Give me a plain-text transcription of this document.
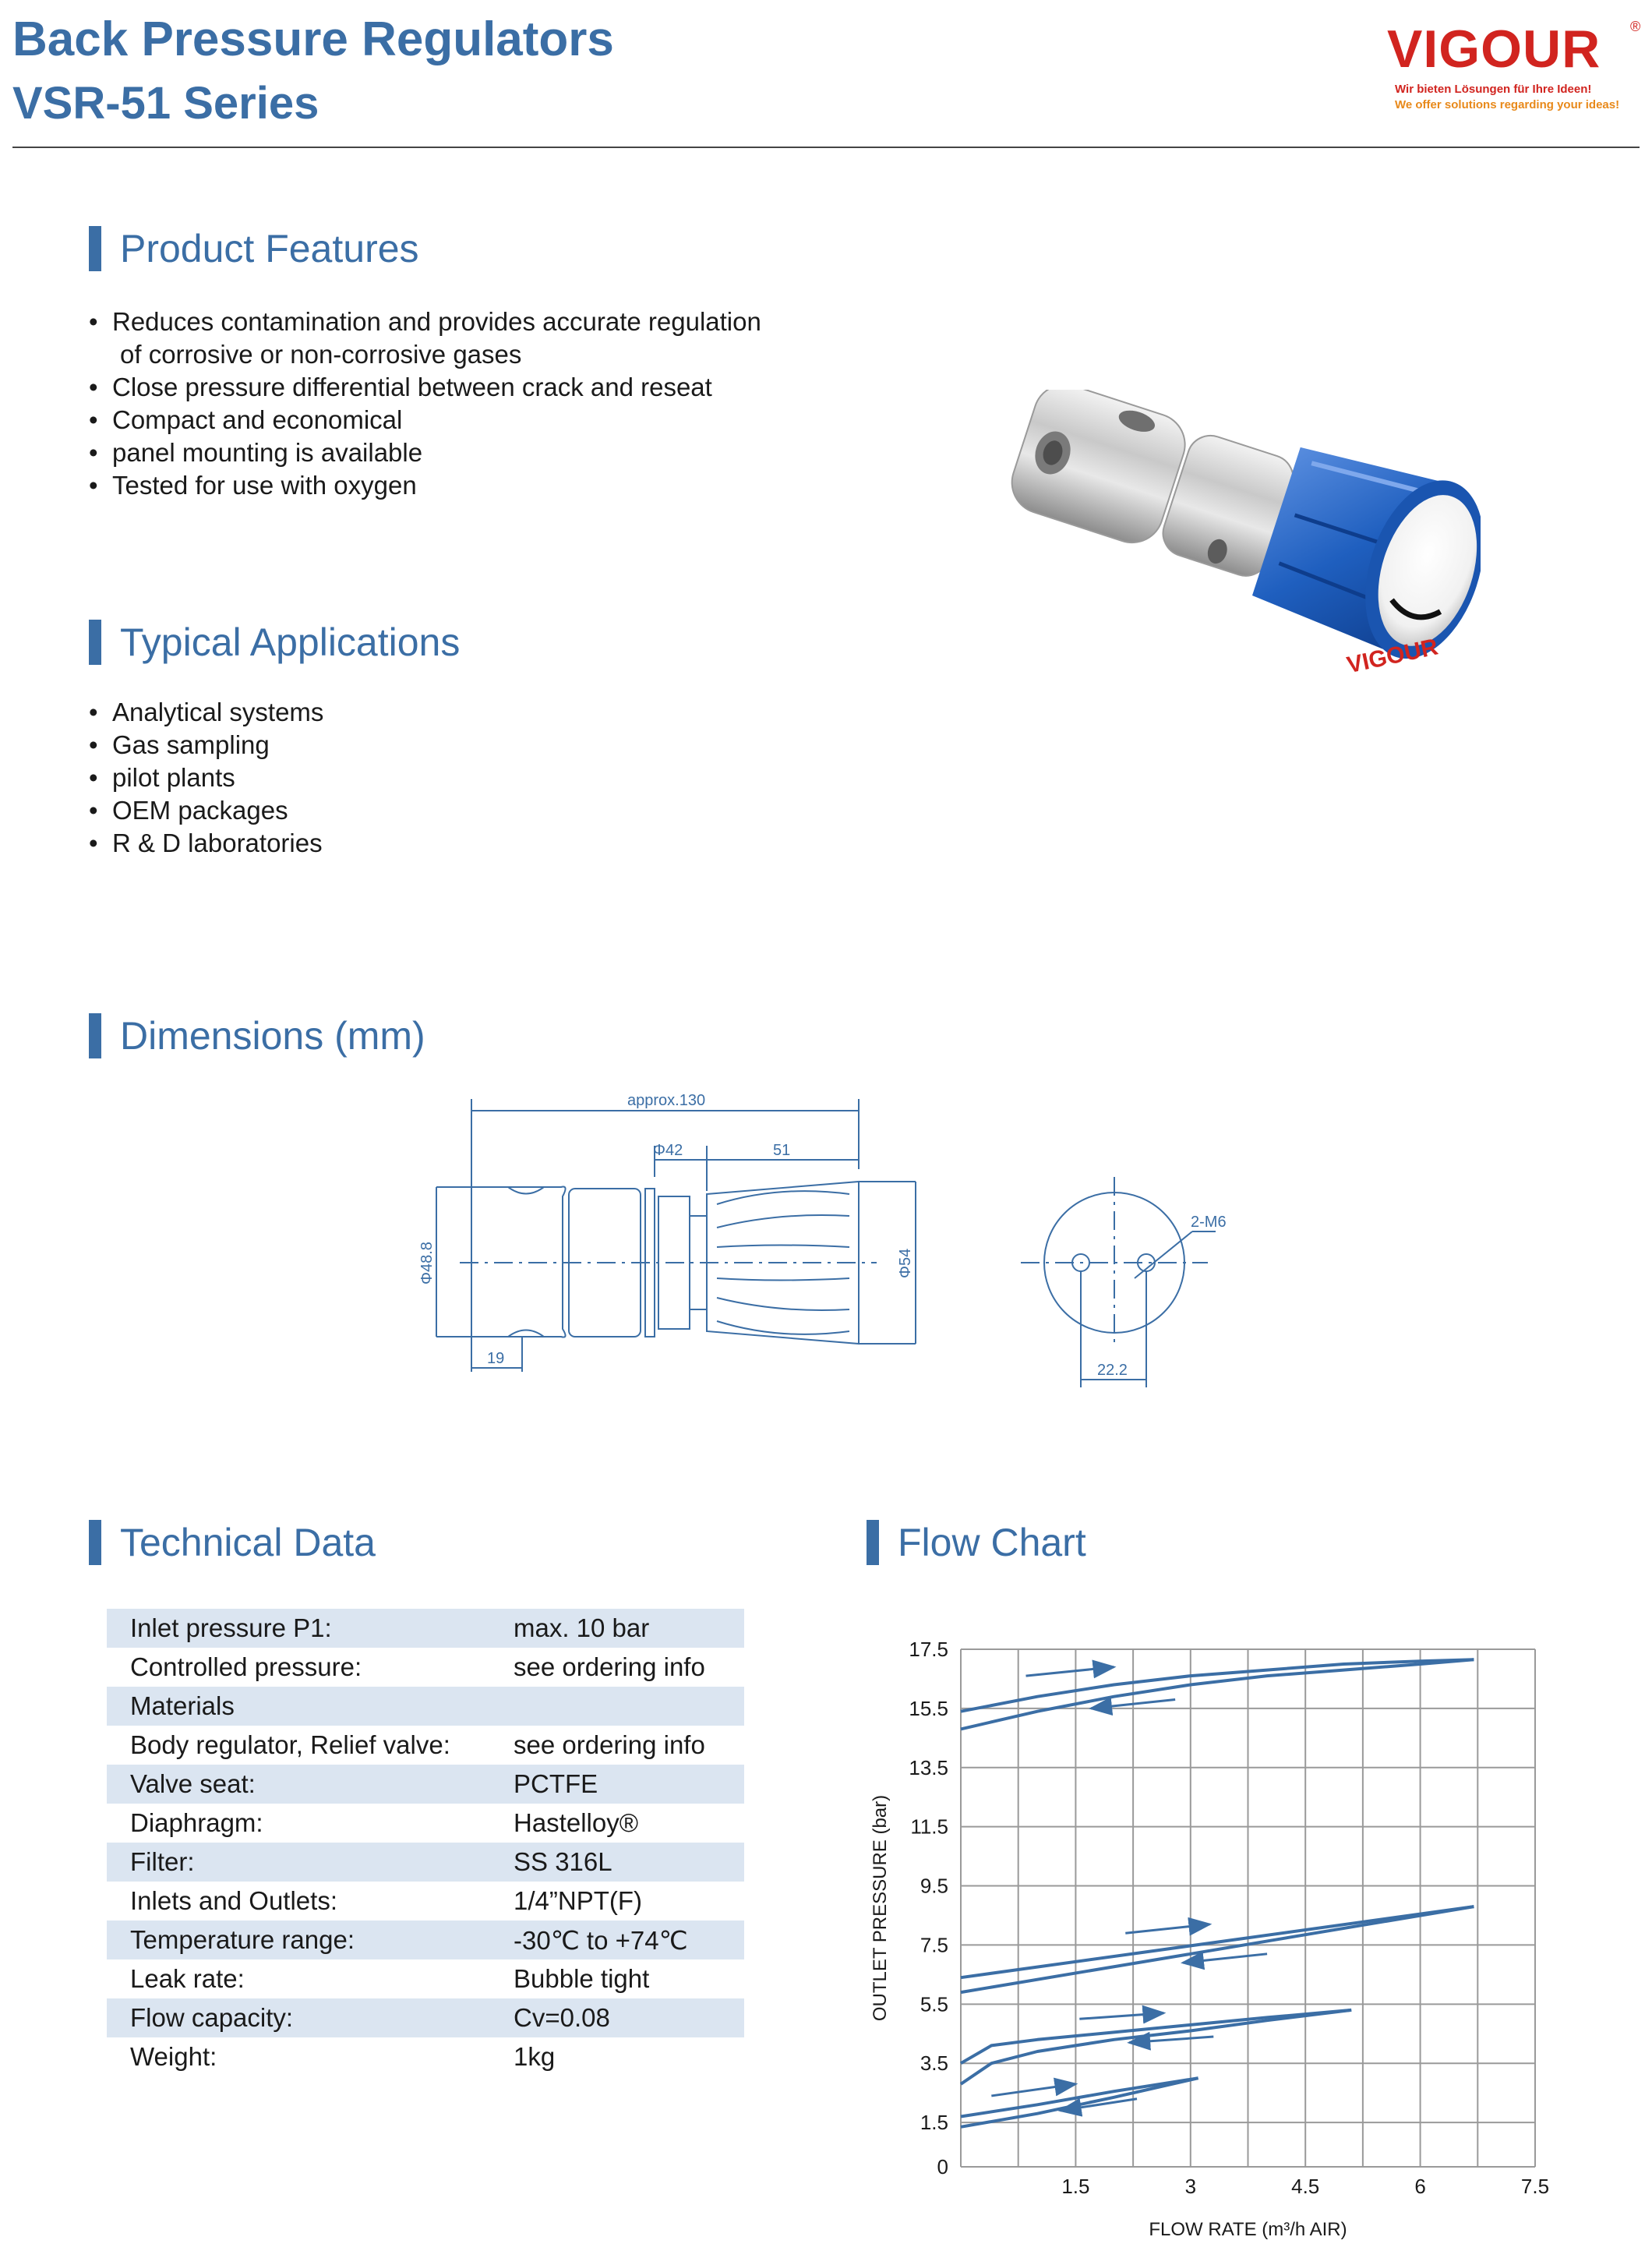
Back Pressure Regulators
VSR-51 Series
VIGOUR ®
Wir bieten Lösungen für Ihre Ideen!
We offer solutions regarding your ideas!
Product Features
• Reduces contamination and provides accurate regulation
of corrosive or non-corrosive gases
• Close pressure differential between crack and reseat
• Compact and economical
• panel mounting is available
• Tested for use with oxygen
VIGOUR
Typical Applications
• Analytical systems
• Gas sampling
• pilot plants
• OEM packages
• R & D laboratories
Dimensions (mm)
approx.130
Φ42	51
19
2-M6
22.2
Φ48.8	Φ54
Technical Data
Inlet pressure P1:	max. 10 bar
Controlled pressure:	see ordering info
Materials	
Body regulator, Relief valve:	see ordering info
Valve seat:	PCTFE
Diaphragm:	Hastelloy®
Filter:	SS 316L
Inlets and Outlets:	1/4”NPT(F)
Temperature range:	-30℃ to +74℃
Leak rate:	Bubble tight
Flow capacity:	Cv=0.08
Weight:	1kg
Flow Chart
0
1.5
3.5
5.5
7.5
9.5
11.5
13.5
15.5
17.5
1.5	3	4.5	6	7.5
FLOW RATE (m³/h AIR)
OUTLET PRESSURE (bar)
